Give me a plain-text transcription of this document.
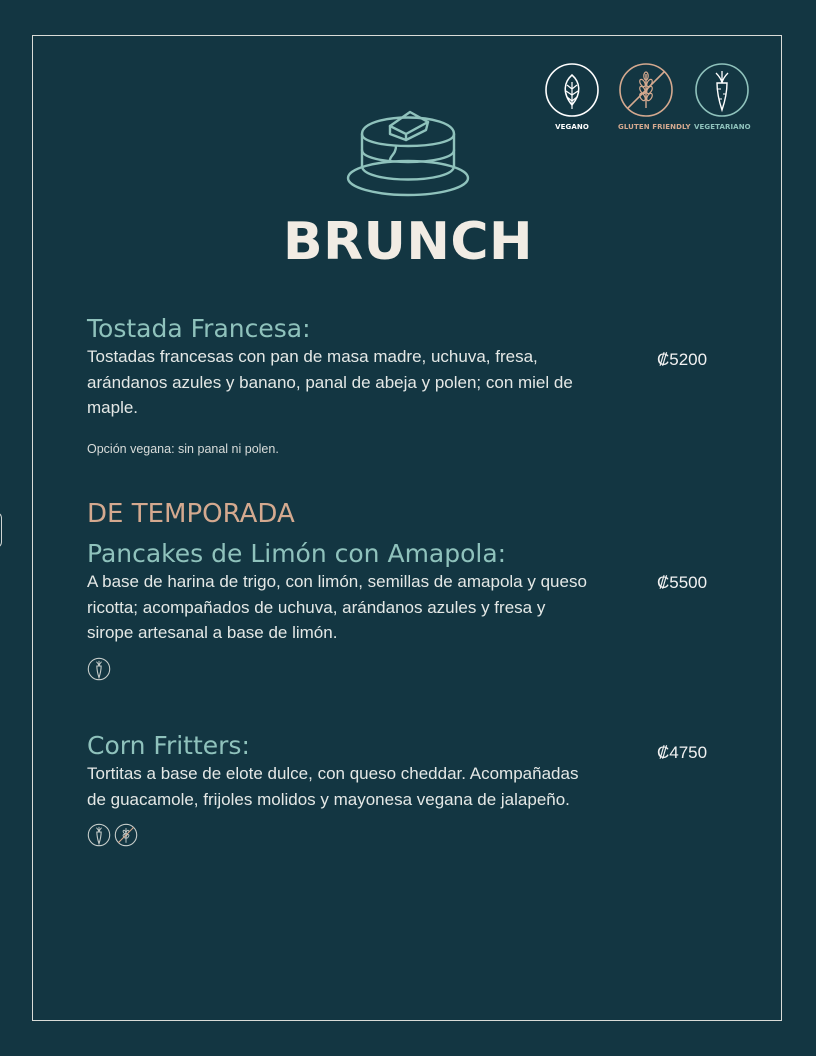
VEGANO	GLUTEN FRIENDLY VEGETARIANO
BRUNCH
Tostada Francesa:
Tostadas francesas con pan de masa madre, uchuva, fresa, arándanos azules y banano, panal de abeja y polen; con miel de maple.
Opción vegana: sin panal ni polen.
₡5200
DE TEMPORADA
Pancakes de Limón con Amapola:
A base de harina de trigo, con limón, semillas de amapola y queso ricotta; acompañados de uchuva, arándanos azules y fresa y sirope artesanal a base de limón.
₡5500
Corn Fritters:
Tortitas a base de elote dulce, con queso cheddar. Acompañadas de guacamole, frijoles molidos y mayonesa vegana de jalapeño.
₡4750
